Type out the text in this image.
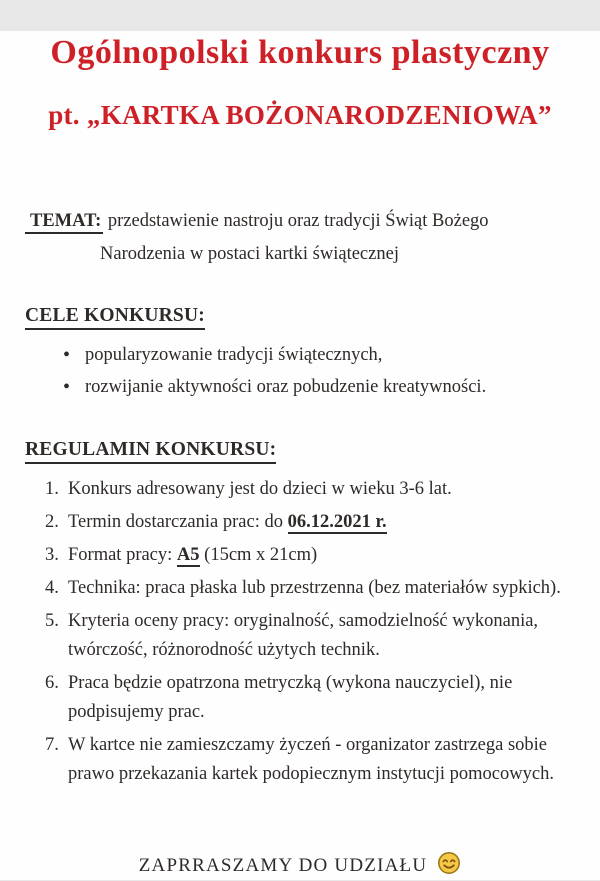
Ogólnopolski konkurs plastyczny
pt. „KARTKA BOŻONARODZENIOWA”

TEMAT: przedstawienie nastroju oraz tradycji Świąt Bożego
Narodzenia w postaci kartki świątecznej

CELE KONKURSU:
• popularyzowanie tradycji świątecznych,
• rozwijanie aktywności oraz pobudzenie kreatywności.
REGULAMIN KONKURSU:
1. Konkurs adresowany jest do dzieci w wieku 3-6 lat.
2. Termin dostarczania prac: do 06.12.2021 r.
3. Format pracy: A5 (15cm x 21cm)
4. Technika: praca płaska lub przestrzenna (bez materiałów sypkich).
5. Kryteria oceny pracy: oryginalność, samodzielność wykonania, twórczość, różnorodność użytych technik.
6. Praca będzie opatrzona metryczką (wykona nauczyciel), nie podpisujemy prac.
7. W kartce nie zamieszczamy życzeń - organizator zastrzega sobie prawo przekazania kartek podopiecznym instytucji pomocowych.
ZAPRRASZAMY DO UDZIAŁU
